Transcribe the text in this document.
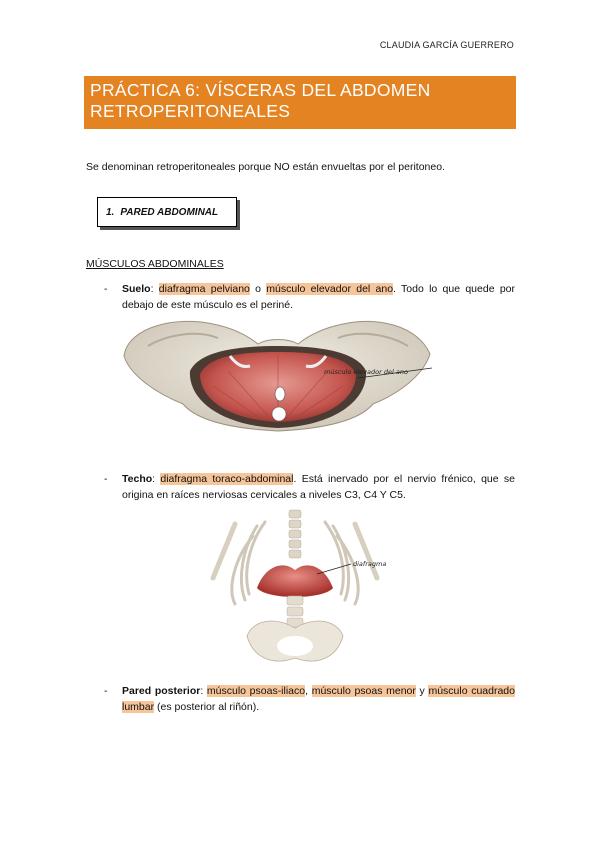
CLAUDIA GARCÍA GUERRERO
PRÁCTICA 6: VÍSCERAS DEL ABDOMEN
RETROPERITONEALES
Se denominan retroperitoneales porque NO están envueltas por el peritoneo.
1. PARED ABDOMINAL
MÚSCULOS ABDOMINALES
- Suelo: diafragma pelviano o músculo elevador del ano. Todo lo que quede por debajo de este músculo es el periné.
músculo elevador del ano
- Techo: diafragma toraco-abdominal. Está inervado por el nervio frénico, que se origina en raíces nerviosas cervicales a niveles C3, C4 Y C5.
diafragma
- Pared posterior: músculo psoas-iliaco, músculo psoas menor y músculo cuadrado lumbar (es posterior al riñón).
